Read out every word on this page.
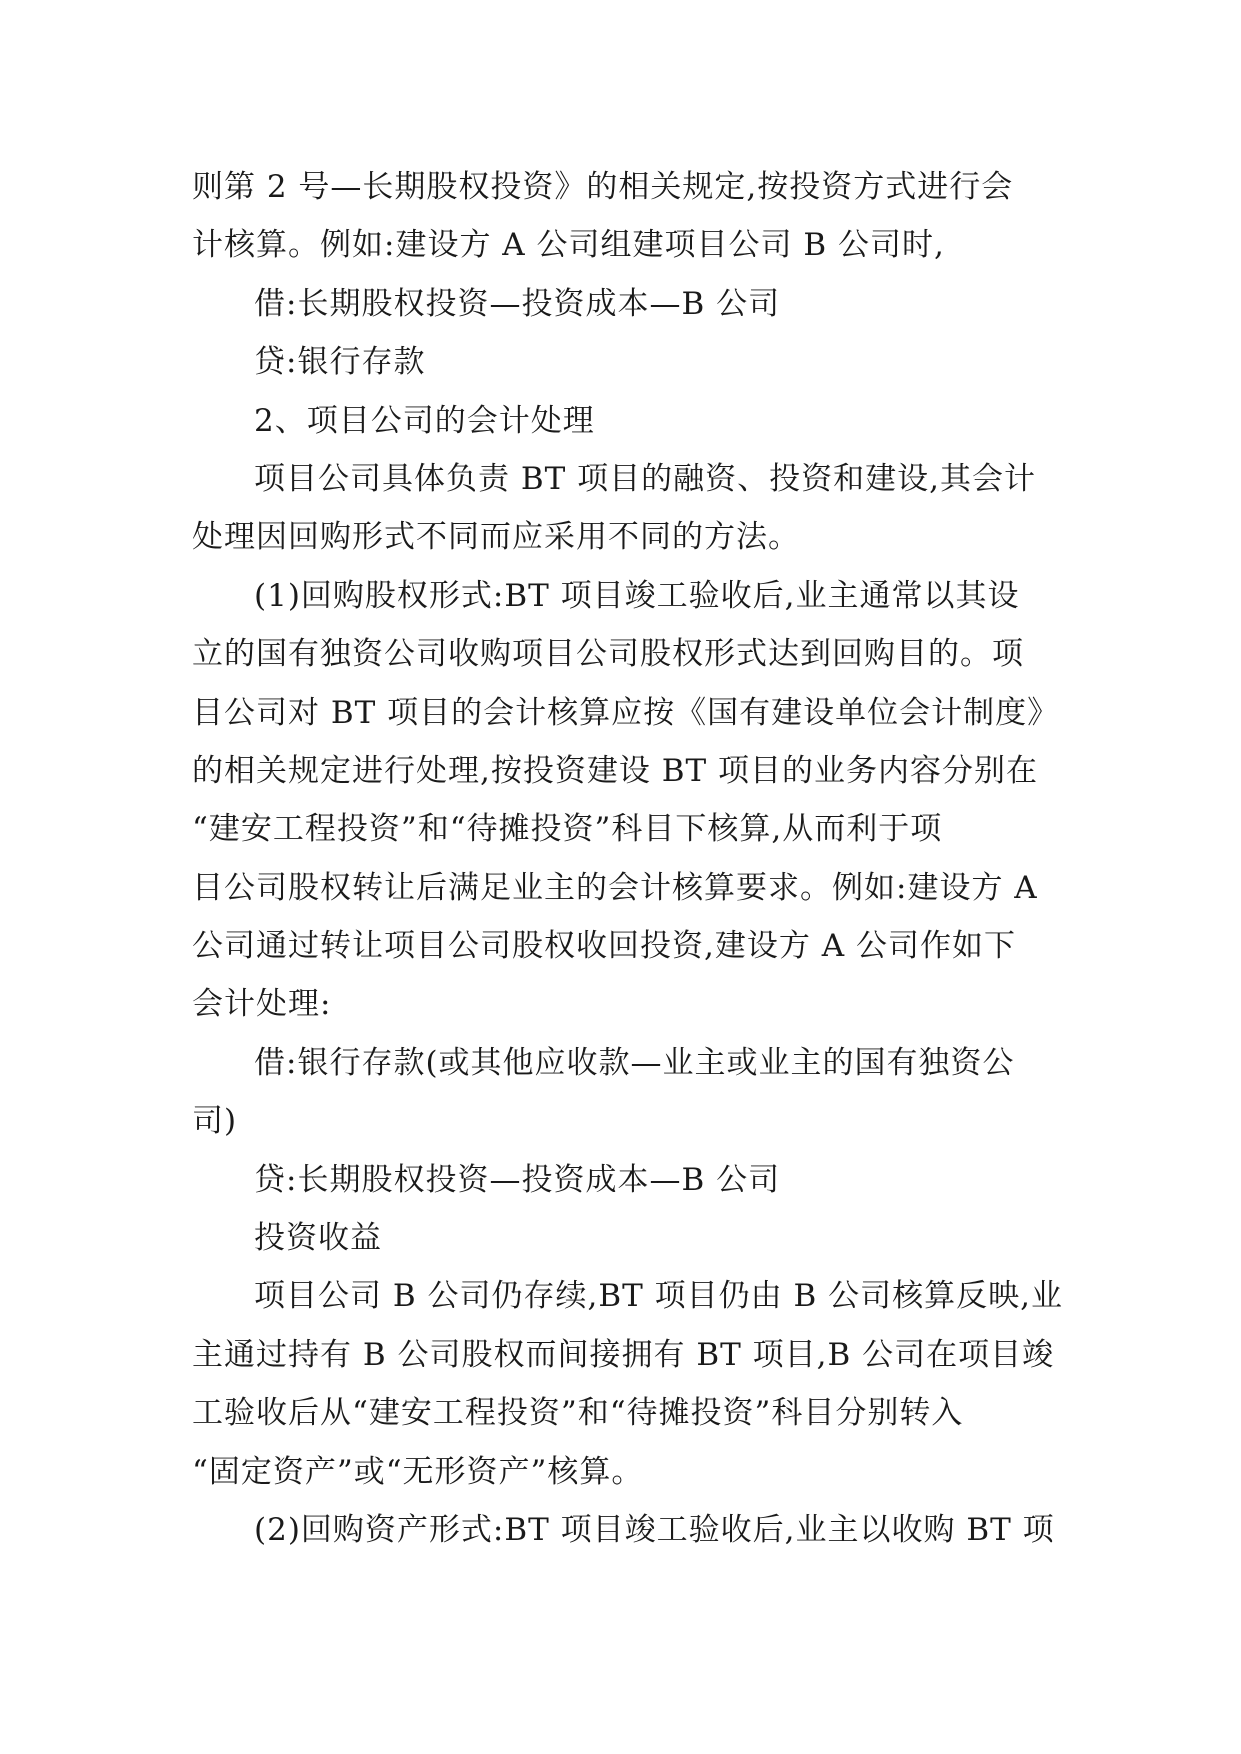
则第 2 号—长期股权投资》的相关规定,按投资方式进行会
计核算。例如:建设方 A 公司组建项目公司 B 公司时,
借:长期股权投资—投资成本—B 公司
贷:银行存款
2、项目公司的会计处理
项目公司具体负责 BT 项目的融资、投资和建设,其会计
处理因回购形式不同而应采用不同的方法。
(1)回购股权形式:BT 项目竣工验收后,业主通常以其设
立的国有独资公司收购项目公司股权形式达到回购目的。项
目公司对 BT 项目的会计核算应按《国有建设单位会计制度》
的相关规定进行处理,按投资建设 BT 项目的业务内容分别在
“建安工程投资”和“待摊投资”科目下核算,从而利于项
目公司股权转让后满足业主的会计核算要求。例如:建设方 A
公司通过转让项目公司股权收回投资,建设方 A 公司作如下
会计处理:
借:银行存款(或其他应收款—业主或业主的国有独资公
司)
贷:长期股权投资—投资成本—B 公司
投资收益
项目公司 B 公司仍存续,BT 项目仍由 B 公司核算反映,业
主通过持有 B 公司股权而间接拥有 BT 项目,B 公司在项目竣
工验收后从“建安工程投资”和“待摊投资”科目分别转入
“固定资产”或“无形资产”核算。
(2)回购资产形式:BT 项目竣工验收后,业主以收购 BT 项
